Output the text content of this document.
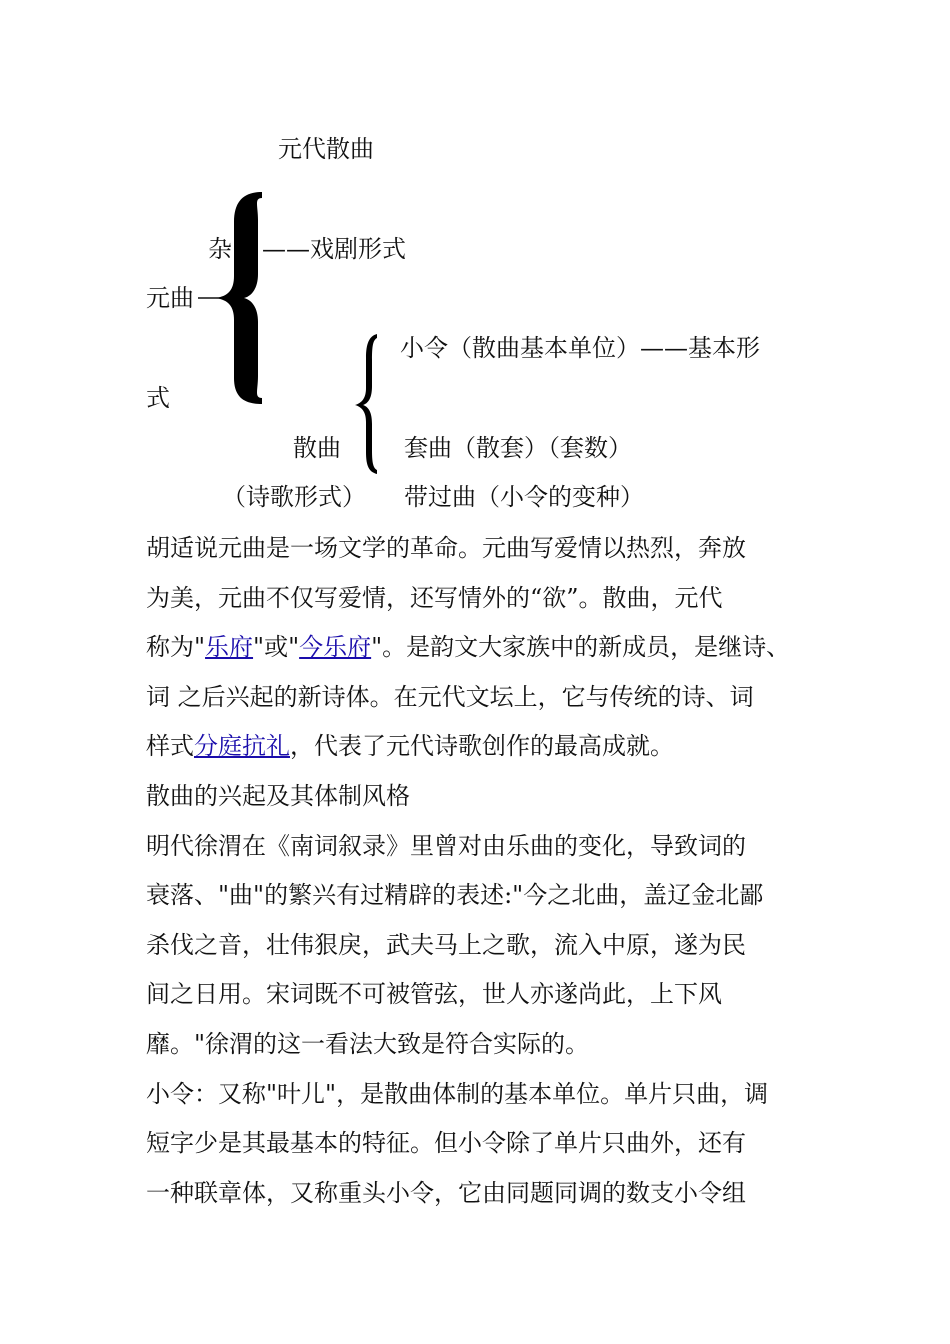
元代散曲
杂 ——戏剧形式
元曲
小令（散曲基本单位）——基本形
式
散曲	套曲（散套）（套数）
（诗歌形式） 带过曲（小令的变种）
胡适说元曲是一场文学的革命。元曲写爱情以热烈，奔放
为美，元曲不仅写爱情，还写情外的“欲”。散曲，元代
称为"乐府"或"今乐府"。是韵文大家族中的新成员，是继诗、
词 之后兴起的新诗体。在元代文坛上，它与传统的诗、词
样式分庭抗礼，代表了元代诗歌创作的最高成就。
散曲的兴起及其体制风格
明代徐渭在《南词叙录》里曾对由乐曲的变化，导致词的
衰落、"曲"的繁兴有过精辟的表述:"今之北曲，盖辽金北鄙
杀伐之音，壮伟狠戾，武夫马上之歌，流入中原，遂为民
间之日用。宋词既不可被管弦，世人亦遂尚此，上下风
靡。"徐渭的这一看法大致是符合实际的。
小令：又称"叶儿"，是散曲体制的基本单位。单片只曲，调
短字少是其最基本的特征。但小令除了单片只曲外，还有
一种联章体，又称重头小令，它由同题同调的数支小令组
